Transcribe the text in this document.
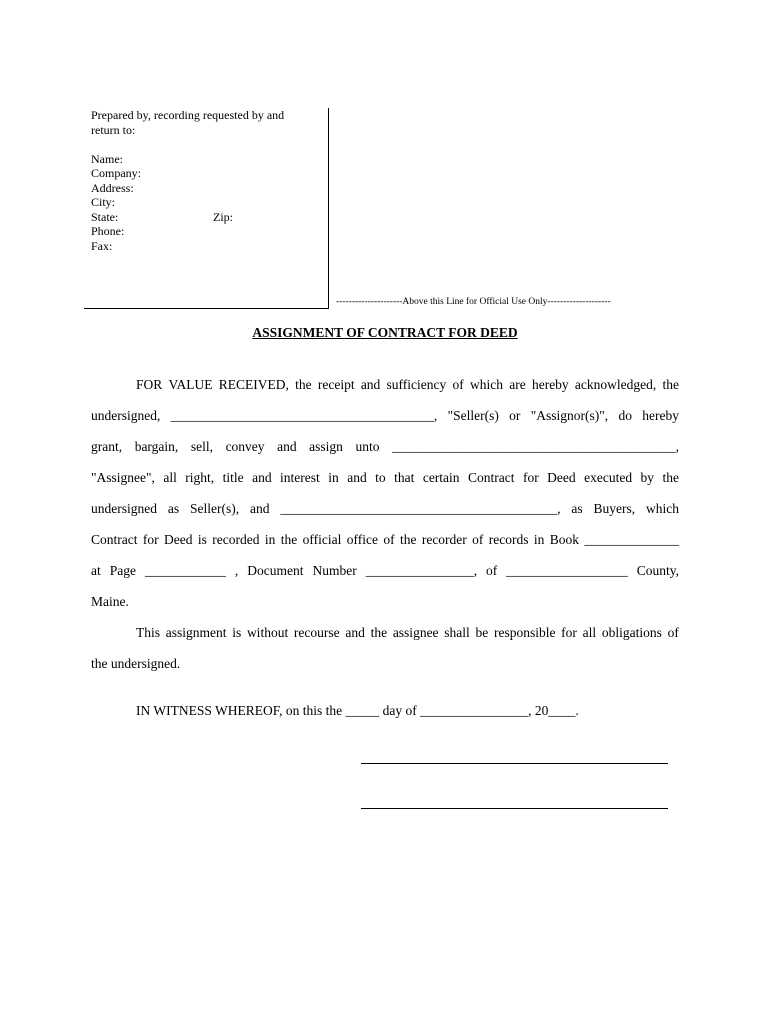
Prepared by, recording requested by and
return to:
Name:
Company:
Address:
City:
State:	Zip:
Phone:
Fax:
---------------------Above this Line for Official Use Only--------------------
ASSIGNMENT OF CONTRACT FOR DEED
FOR VALUE RECEIVED, the receipt and sufficiency of which are hereby acknowledged, the
undersigned, _______________________________________, "Seller(s) or "Assignor(s)", do hereby
grant, bargain, sell, convey and assign unto __________________________________________,
"Assignee", all right, title and interest in and to that certain Contract for Deed executed by the
undersigned as Seller(s), and _________________________________________, as Buyers, which
Contract for Deed is recorded in the official office of the recorder of records in Book ______________
at Page ____________ , Document Number ________________, of __________________ County,
Maine.
This assignment is without recourse and the assignee shall be responsible for all obligations of
the undersigned.
IN WITNESS WHEREOF, on this the _____ day of ________________, 20____.
